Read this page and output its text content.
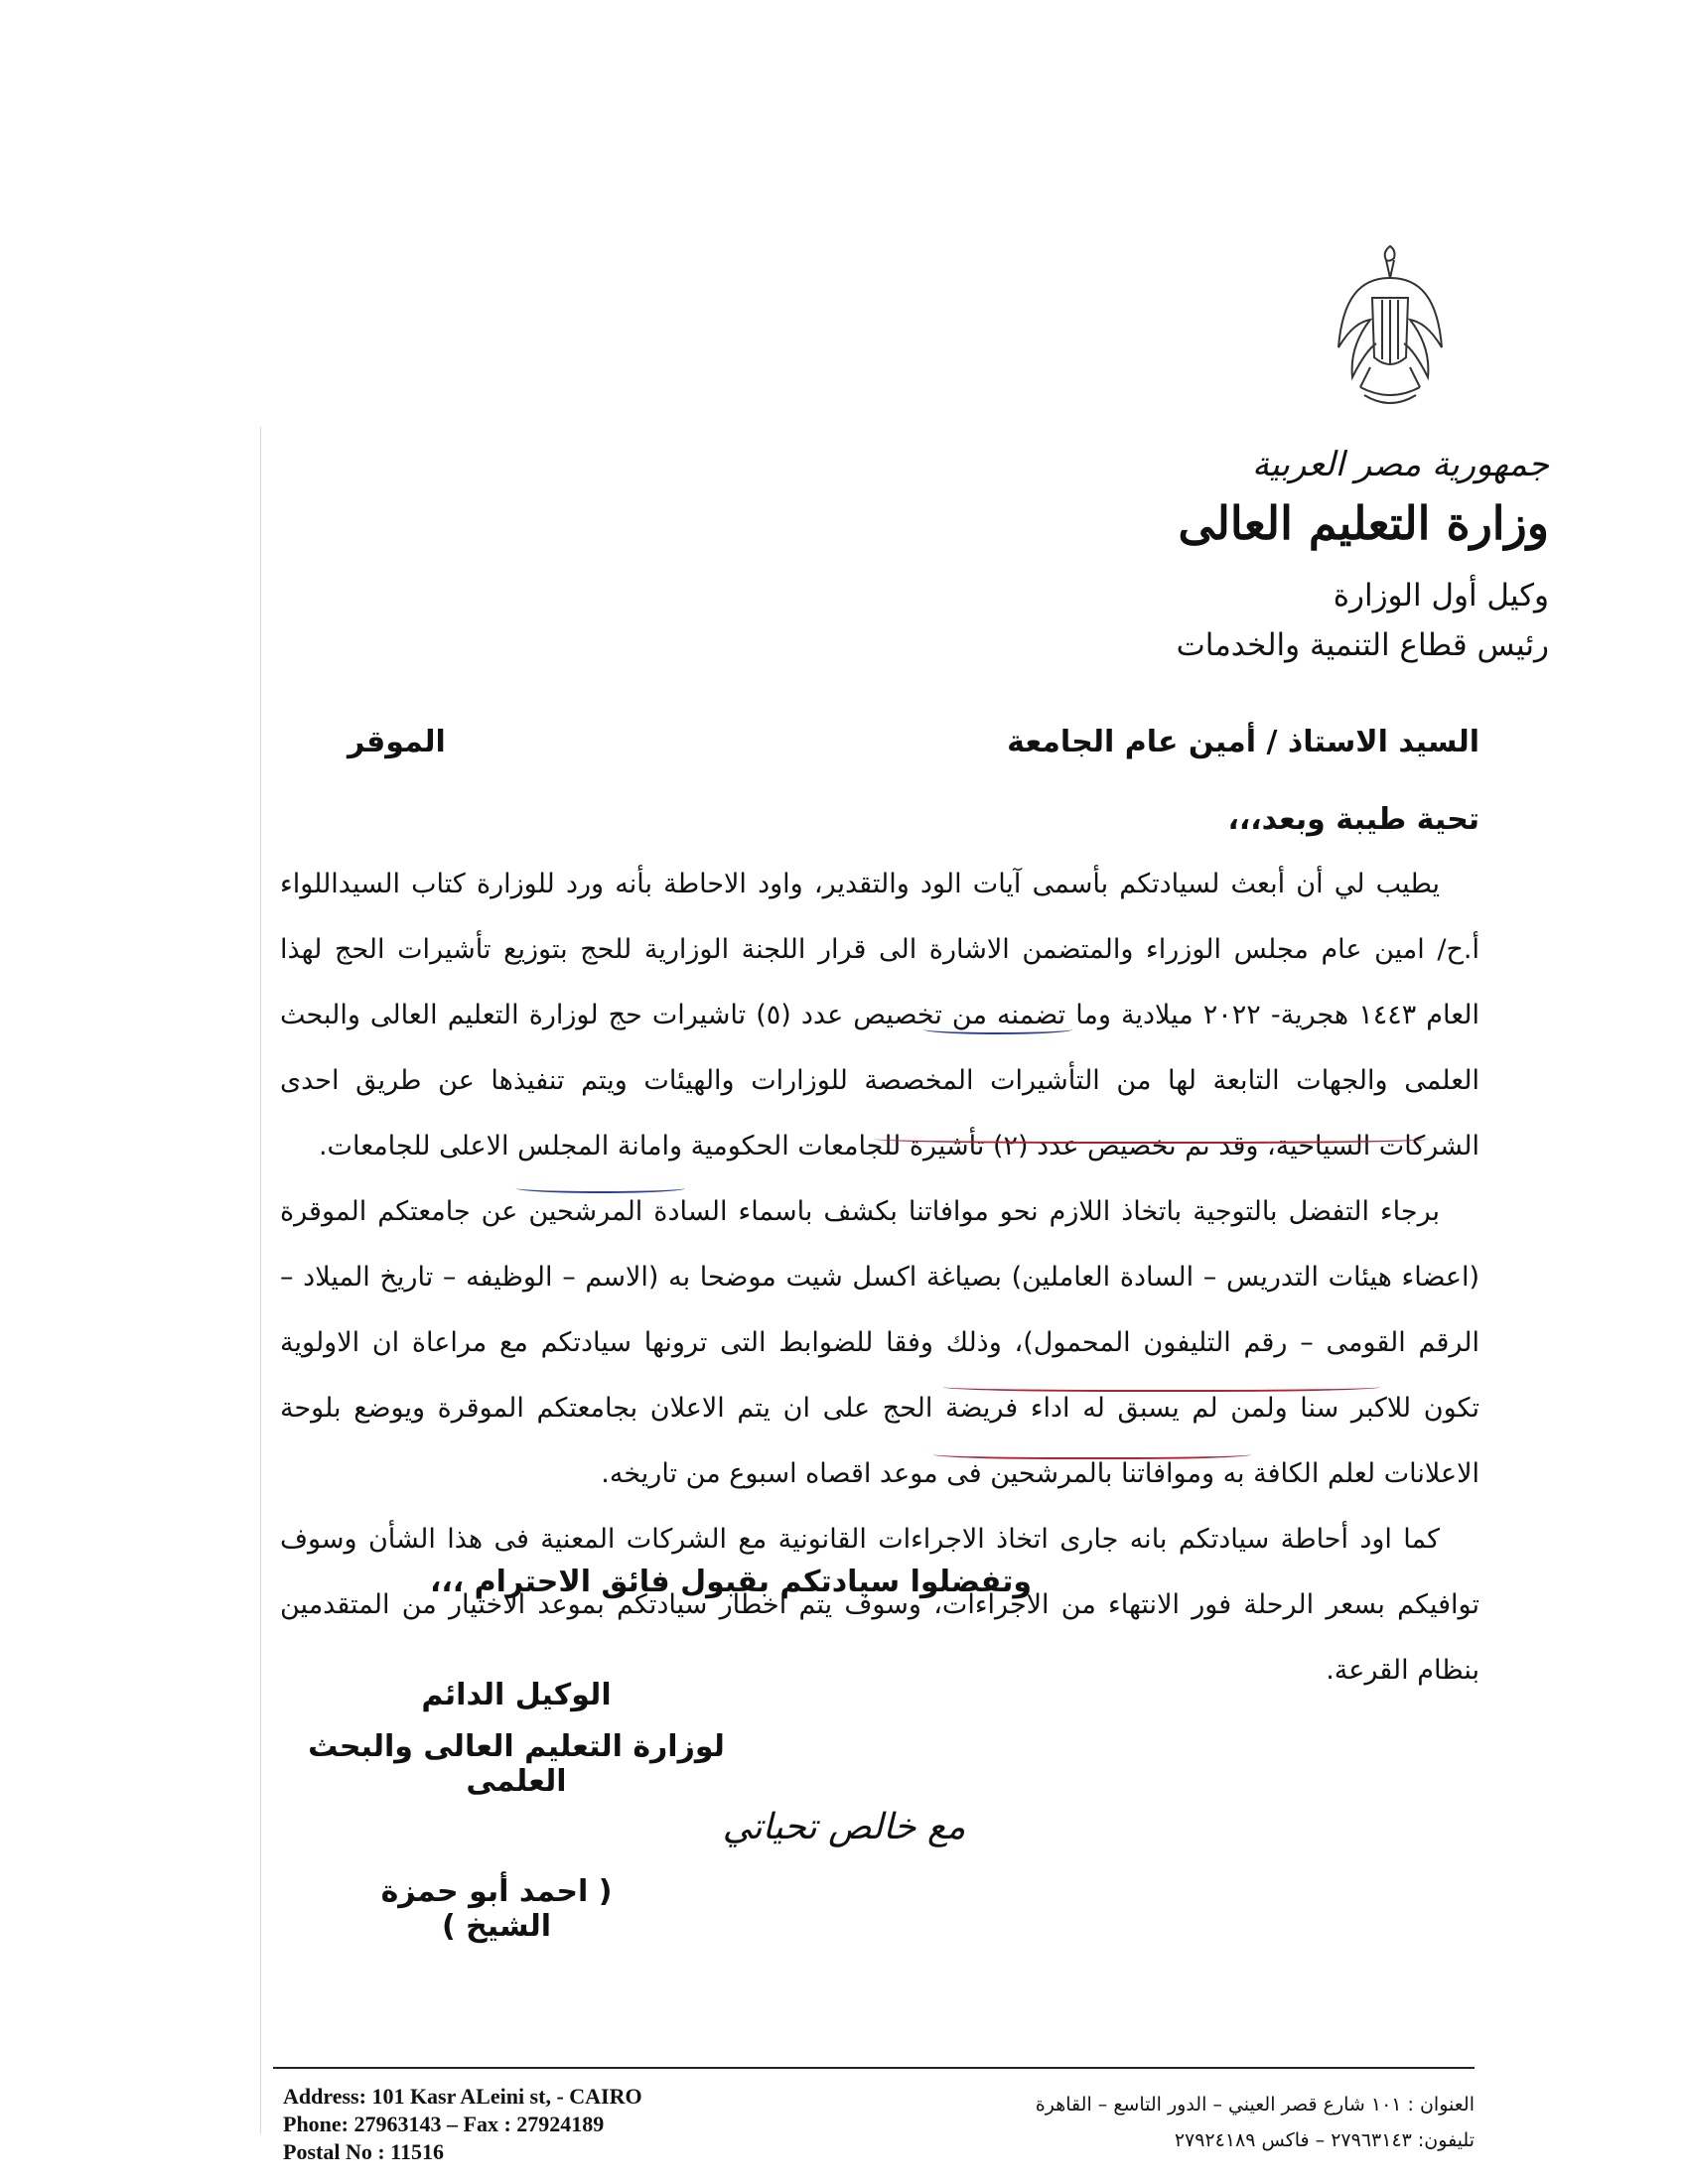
جمهورية مصر العربية
وزارة التعليم العالى
وكيل أول الوزارة
رئيس قطاع التنمية والخدمات
السيد الاستاذ / أمين عام الجامعة
الموقر
تحية طيبة وبعد،،،

يطيب لي أن أبعث لسيادتكم بأسمى آيات الود والتقدير، واود الاحاطة بأنه ورد للوزارة كتاب السيداللواء أ.ح/ امين عام مجلس الوزراء والمتضمن الاشارة الى قرار اللجنة الوزارية للحج بتوزيع تأشيرات الحج لهذا العام ١٤٤٣ هجرية- ٢٠٢٢ ميلادية وما تضمنه من تخصيص عدد (٥) تاشيرات حج لوزارة التعليم العالى والبحث العلمى والجهات التابعة لها من التأشيرات المخصصة للوزارات والهيئات ويتم تنفيذها عن طريق احدى الشركات السياحية، وقد تم تخصيص عدد (٢) تأشيرة للجامعات الحكومية وامانة المجلس الاعلى للجامعات.

برجاء التفضل بالتوجية باتخاذ اللازم نحو موافاتنا بكشف باسماء السادة المرشحين عن جامعتكم الموقرة (اعضاء هيئات التدريس – السادة العاملين) بصياغة اكسل شيت موضحا به (الاسم – الوظيفه – تاريخ الميلاد – الرقم القومى – رقم التليفون المحمول)، وذلك وفقا للضوابط التى ترونها سيادتكم مع مراعاة ان الاولوية تكون للاكبر سنا ولمن لم يسبق له اداء فريضة الحج على ان يتم الاعلان بجامعتكم الموقرة ويوضع بلوحة الاعلانات لعلم الكافة به وموافاتنا بالمرشحين فى موعد اقصاه اسبوع من تاريخه.

كما اود أحاطة سيادتكم بانه جارى اتخاذ الاجراءات القانونية مع الشركات المعنية فى هذا الشأن وسوف توافيكم بسعر الرحلة فور الانتهاء من الاجراءات، وسوف يتم اخطار سيادتكم بموعد الاختيار من المتقدمين بنظام القرعة.

وتفضلوا سيادتكم بقبول فائق الاحترام ،،،
الوكيل الدائم
لوزارة التعليم العالى والبحث العلمى
مع خالص تحياتي
( احمد أبو حمزة الشيخ )
Address: 101 Kasr ALeini st, - CAIRO
Phone: 27963143 – Fax : 27924189
Postal No : 11516
العنوان : ١٠١ شارع قصر العيني – الدور التاسع – القاهرة
تليفون: ٢٧٩٦٣١٤٣ – فاكس ٢٧٩٢٤١٨٩
